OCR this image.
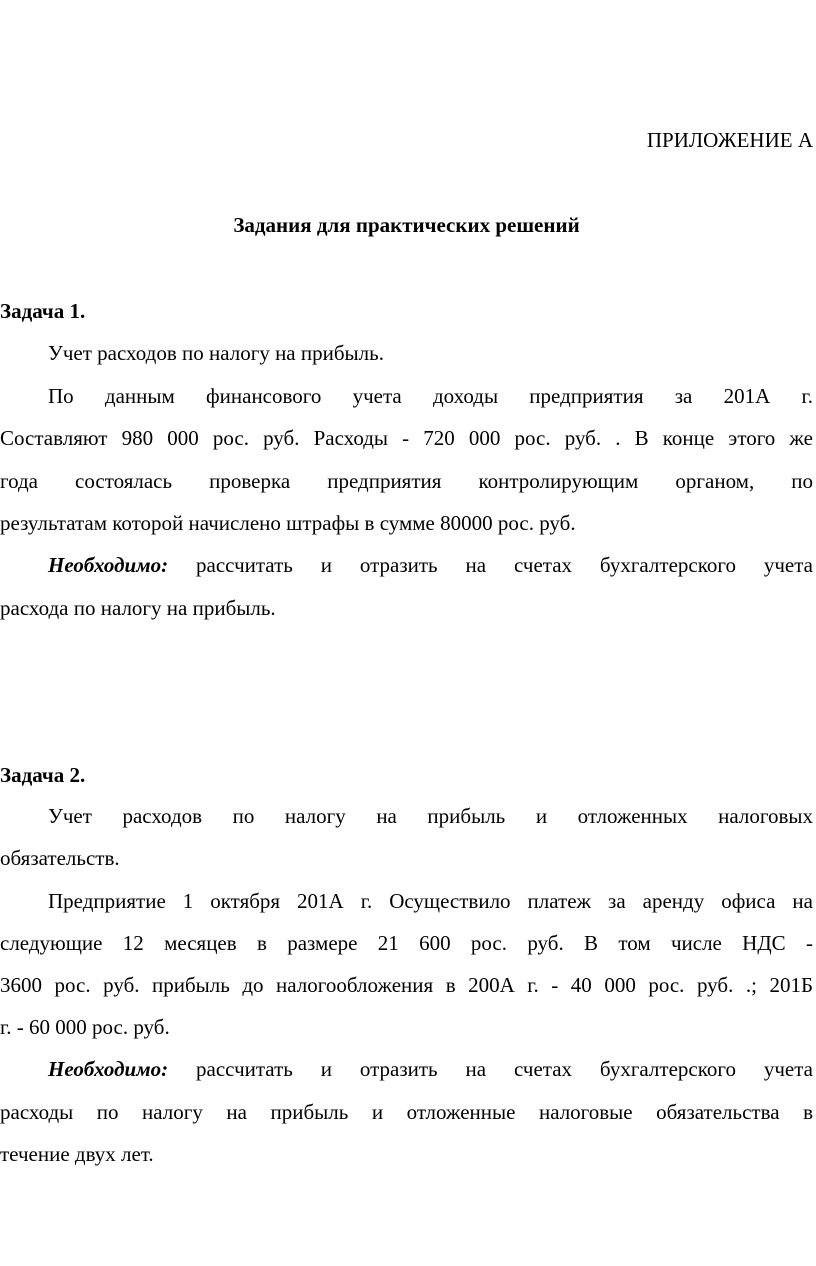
ПРИЛОЖЕНИЕ А
Задания для практических решений
Задача 1.
Учет расходов по налогу на прибыль.
По данным финансового учета доходы предприятия за 201А г.
Составляют 980 000 рос. руб. Расходы - 720 000 рос. руб. . В конце этого же
года состоялась проверка предприятия контролирующим органом, по
результатам которой начислено штрафы в сумме 80000 рос. руб.
Необходимо: рассчитать и отразить на счетах бухгалтерского учета
расхода по налогу на прибыль.
Задача 2.
Учет расходов по налогу на прибыль и отложенных налоговых
обязательств.
Предприятие 1 октября 201А г. Осуществило платеж за аренду офиса на
следующие 12 месяцев в размере 21 600 рос. руб. В том числе НДС -
3600 рос. руб. прибыль до налогообложения в 200А г. - 40 000 рос. руб. .; 201Б
г. - 60 000 рос. руб.
Необходимо: рассчитать и отразить на счетах бухгалтерского учета
расходы по налогу на прибыль и отложенные налоговые обязательства в
течение двух лет.
